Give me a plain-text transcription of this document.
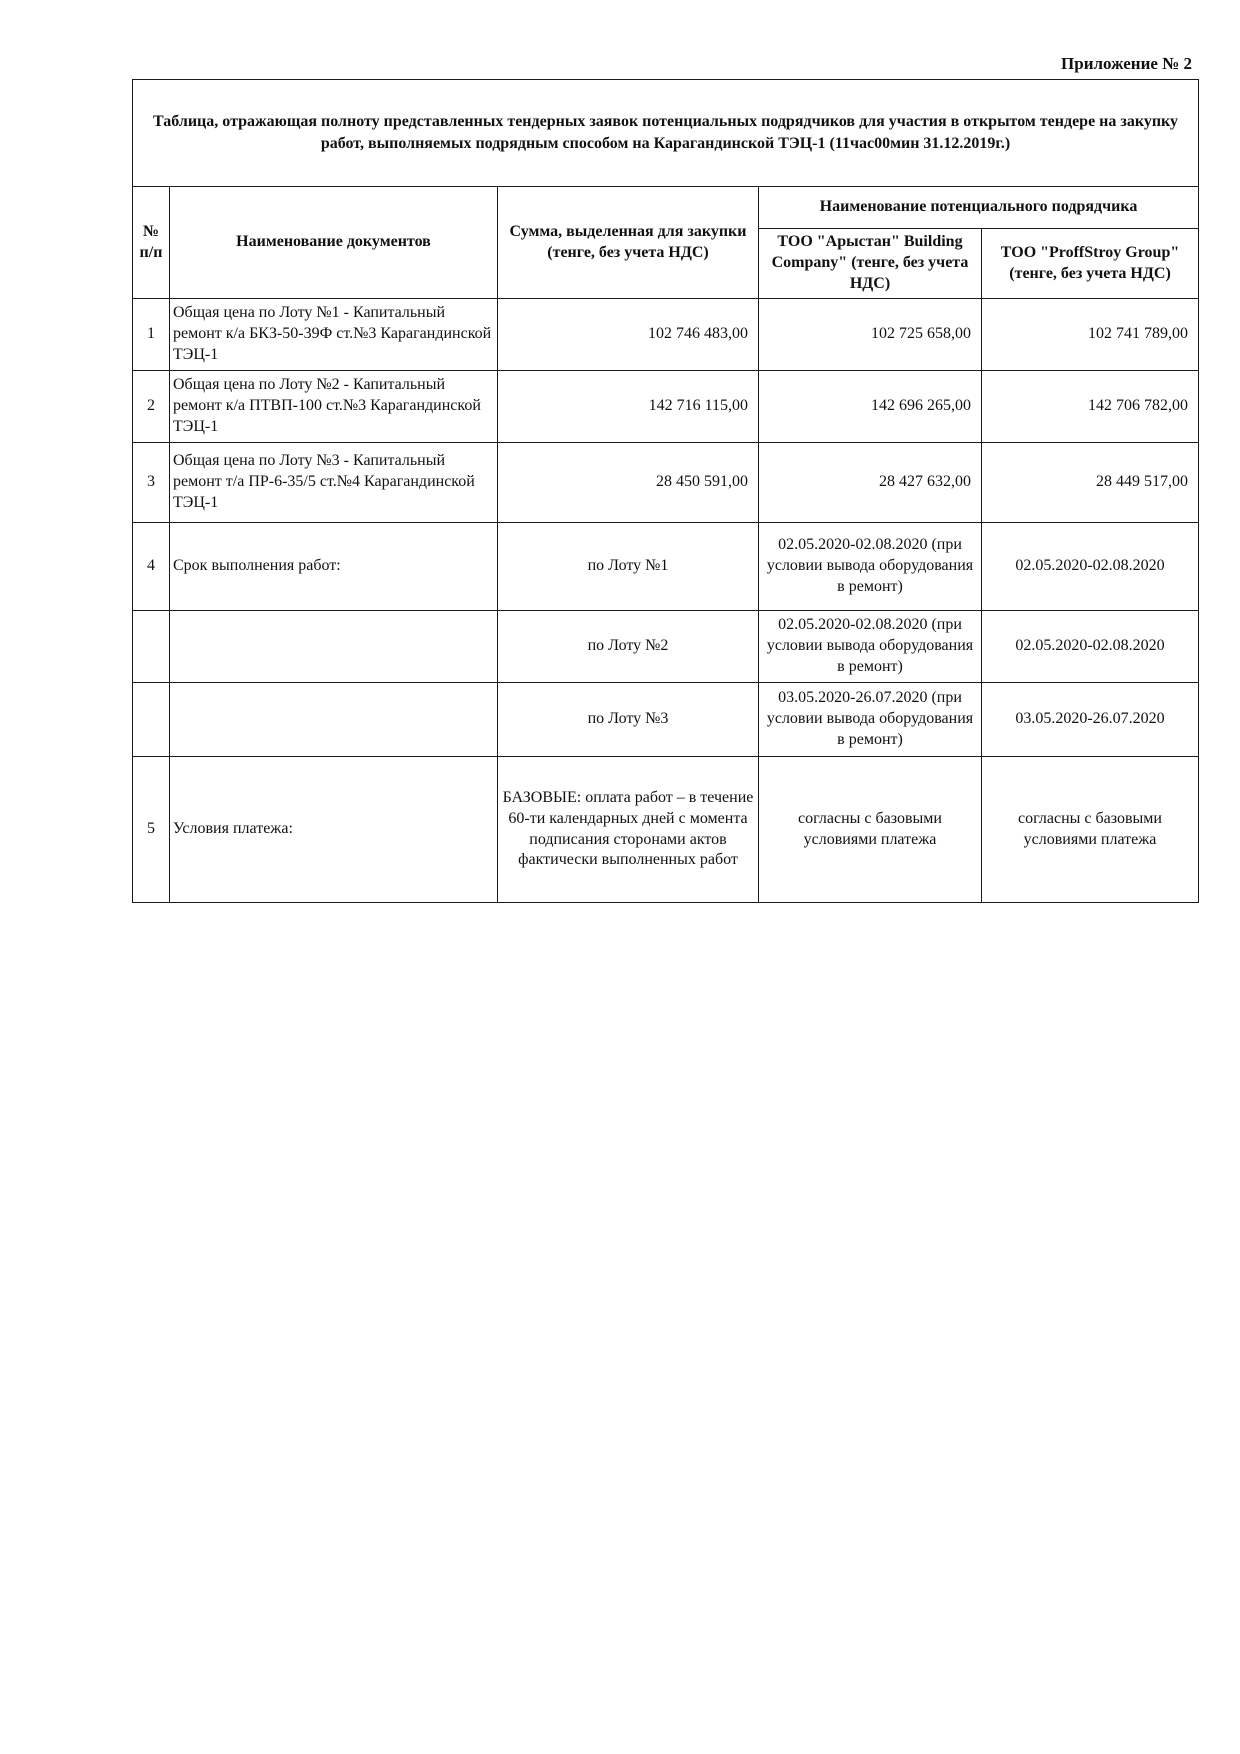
Приложение № 2
Таблица, отражающая полноту представленных тендерных заявок потенциальных подрядчиков для участия в открытом тендере на закупку работ, выполняемых подрядным способом на Карагандинской ТЭЦ-1 (11час00мин 31.12.2019г.)				
№ п/п	Наименование документов	Сумма, выделенная для закупки (тенге, без учета НДС)	Наименование потенциального подрядчика	
			ТОО "Арыстан" Building Company" (тенге, без учета НДС)	ТОО "ProffStroy Group" (тенге, без учета НДС)
1	Общая цена по Лоту №1 - Капитальный ремонт к/а БКЗ-50-39Ф ст.№3 Карагандинской ТЭЦ-1	102 746 483,00	102 725 658,00	102 741 789,00
2	Общая цена по Лоту №2 - Капитальный ремонт к/а ПТВП-100 ст.№3 Карагандинской ТЭЦ-1	142 716 115,00	142 696 265,00	142 706 782,00
3	Общая цена по Лоту №3 - Капитальный ремонт т/а ПР-6-35/5 ст.№4 Карагандинской ТЭЦ-1	28 450 591,00	28 427 632,00	28 449 517,00
4	Срок выполнения работ:	по Лоту №1	02.05.2020-02.08.2020 (при условии вывода оборудования в ремонт)	02.05.2020-02.08.2020
		по Лоту №2	02.05.2020-02.08.2020 (при условии вывода оборудования в ремонт)	02.05.2020-02.08.2020
		по Лоту №3	03.05.2020-26.07.2020 (при условии вывода оборудования в ремонт)	03.05.2020-26.07.2020
5	Условия платежа:	БАЗОВЫЕ: оплата работ – в течение 60-ти календарных дней с момента подписания сторонами актов фактически выполненных работ	согласны с базовыми условиями платежа	согласны с базовыми условиями платежа
